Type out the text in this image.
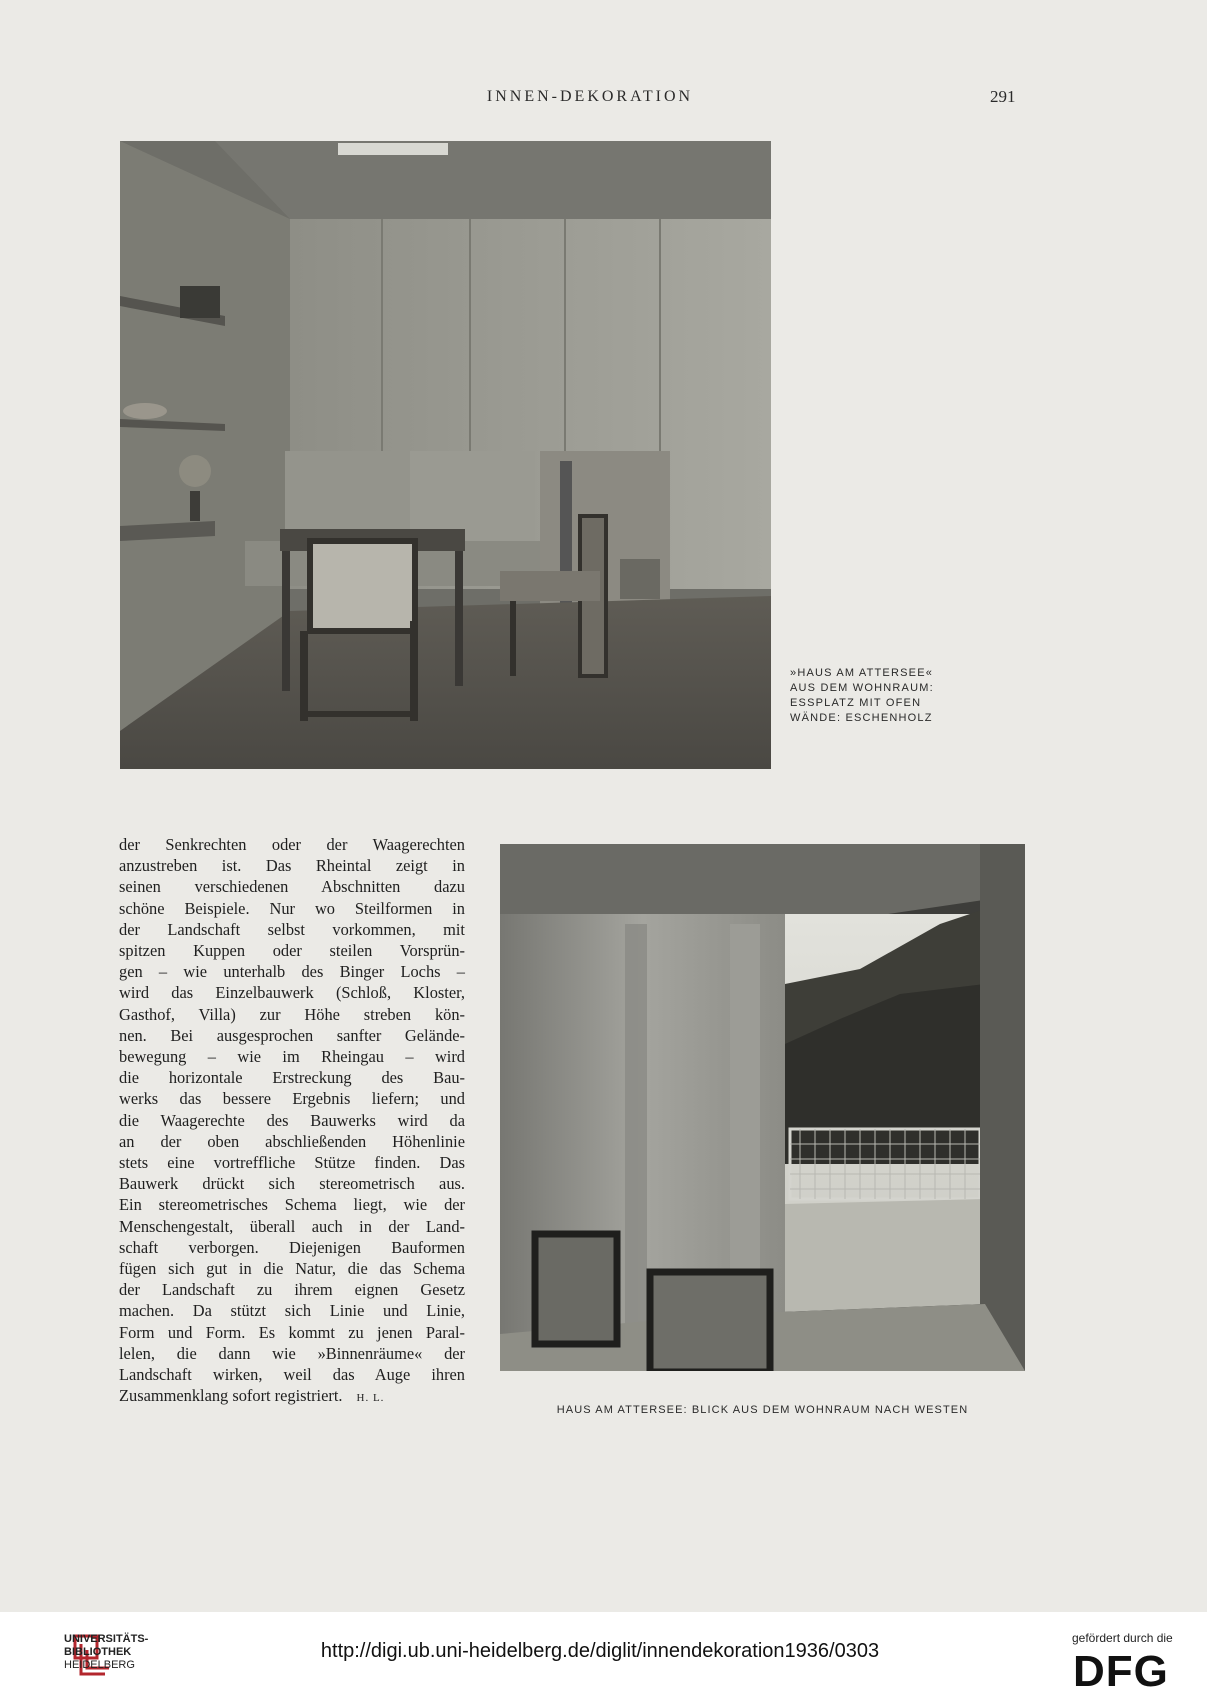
INNEN-DEKORATION	291
»HAUS AM ATTERSEE«
AUS DEM WOHNRAUM:
ESSPLATZ MIT OFEN
WÄNDE: ESCHENHOLZ
der Senkrechten oder der Waagerechten
anzustreben ist. Das Rheintal zeigt in
seinen verschiedenen Abschnitten dazu
schöne Beispiele. Nur wo Steilformen in
der Landschaft selbst vorkommen, mit
spitzen Kuppen oder steilen Vorsprün-
gen – wie unterhalb des Binger Lochs –
wird das Einzelbauwerk (Schloß, Kloster,
Gasthof, Villa) zur Höhe streben kön-
nen. Bei ausgesprochen sanfter Gelände-
bewegung – wie im Rheingau – wird
die horizontale Erstreckung des Bau-
werks das bessere Ergebnis liefern; und
die Waagerechte des Bauwerks wird da
an der oben abschließenden Höhenlinie
stets eine vortreffliche Stütze finden. Das
Bauwerk drückt sich stereometrisch aus.
Ein stereometrisches Schema liegt, wie der
Menschengestalt, überall auch in der Land-
schaft verborgen. Diejenigen Bauformen
fügen sich gut in die Natur, die das Schema
der Landschaft zu ihrem eignen Gesetz
machen. Da stützt sich Linie und Linie,
Form und Form. Es kommt zu jenen Paral-
lelen, die dann wie »Binnenräume« der
Landschaft wirken, weil das Auge ihren
Zusammenklang sofort registriert. H. L.
HAUS AM ATTERSEE: BLICK AUS DEM WOHNRAUM NACH WESTEN
UNIVERSITÄTS-
BIBLIOTHEK
HEIDELBERG
http://digi.ub.uni-heidelberg.de/diglit/innendekoration1936/0303
gefördert durch die
DFG
